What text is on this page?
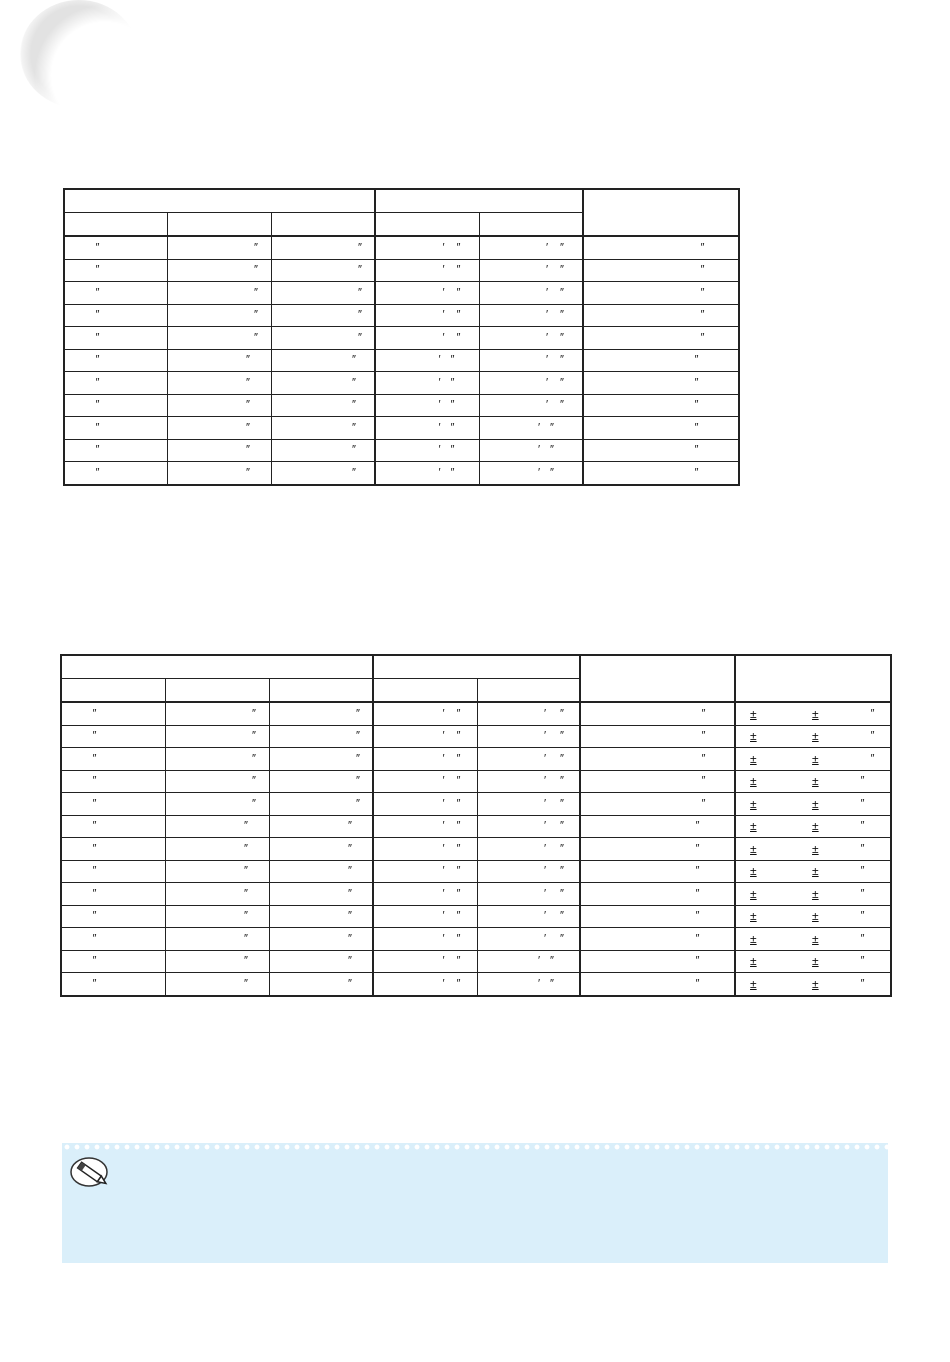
″	″	″	′ ″	′ ″	″

″	″	″	′ ″	′ ″	″

″	″	″	′ ″	′ ″	″

″	″	″	′ ″	′ ″	″

″	″	″	′ ″	′ ″	″

″	″	″	′ ″	′ ″	″

″	″	″	′ ″	′ ″	″

″	″	″	′ ″	′ ″	″

″	″	″	′ ″	′ ″	″

″	″	″	′ ″	′ ″	″

″	″	″	′ ″	′ ″	″

″	″	″	′ ″	′ ″	″	± ± ″

″	″	″	′ ″	′ ″	″	± ± ″

″	″	″	′ ″	′ ″	″	± ± ″

″	″	″	′ ″	′ ″	″	± ± ″

″	″	″	′ ″	′ ″	″	± ± ″

″	″	″	′ ″	′ ″	″	± ± ″

″	″	″	′ ″	′ ″	″	± ± ″

″	″	″	′ ″	′ ″	″	± ± ″

″	″	″	′ ″	′ ″	″	± ± ″

″	″	″	′ ″	′ ″	″	± ± ″

″	″	″	′ ″	′ ″	″	± ± ″

″	″	″	′ ″	′ ″	″	± ± ″

″	″	″	′ ″	′ ″	″	± ± ″
